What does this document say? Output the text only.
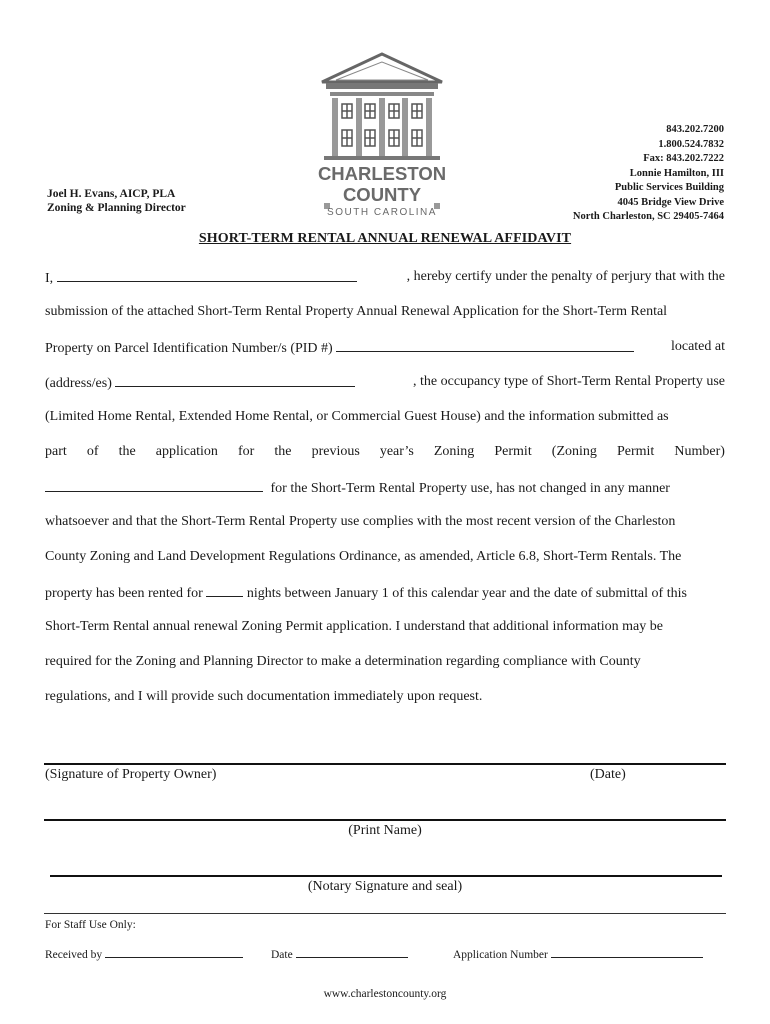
CHARLESTON
COUNTY
SOUTH CAROLINA
Joel H. Evans, AICP, PLA
Zoning & Planning Director
843.202.7200
1.800.524.7832
Fax: 843.202.7222
Lonnie Hamilton, III
Public Services Building
4045 Bridge View Drive
North Charleston, SC 29405-7464
SHORT-TERM RENTAL ANNUAL RENEWAL AFFIDAVIT
I,	, hereby certify under the penalty of perjury that with the
submission of the attached Short-Term Rental Property Annual Renewal Application for the Short-Term Rental
Property on Parcel Identification Number/s (PID #)	located at
(address/es)	, the occupancy type of Short-Term Rental Property use
(Limited Home Rental, Extended Home Rental, or Commercial Guest House) and the information submitted as
part of the application for the previous year’s Zoning Permit (Zoning Permit Number)
for the Short-Term Rental Property use, has not changed in any manner
whatsoever and that the Short-Term Rental Property use complies with the most recent version of the Charleston
County Zoning and Land Development Regulations Ordinance, as amended, Article 6.8, Short-Term Rentals. The
property has been rented for	nights between January 1 of this calendar year and the date of submittal of this
Short-Term Rental annual renewal Zoning Permit application. I understand that additional information may be
required for the Zoning and Planning Director to make a determination regarding compliance with County
regulations, and I will provide such documentation immediately upon request.
(Signature of Property Owner)	(Date)
(Print Name)
(Notary Signature and seal)
For Staff Use Only:
Received by	Date	Application Number
www.charlestoncounty.org
